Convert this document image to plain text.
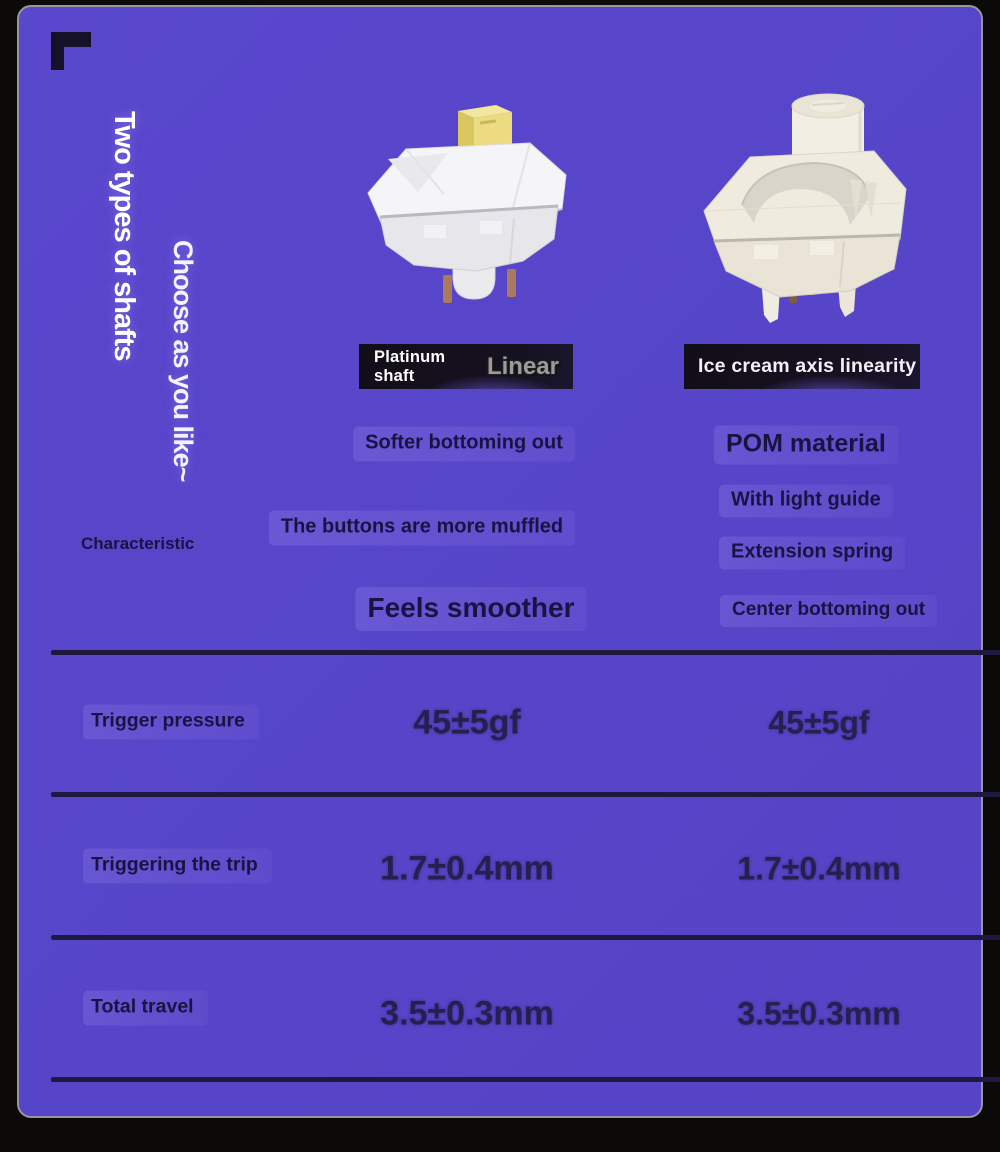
Two types of shafts
Choose as you like~	Platinum shaft	Linear	Ice cream axis linearity
Characteristic
Softer bottoming out
The buttons are more muffled
Feels smoother
POM material
With light guide
Extension spring
Center bottoming out
Trigger pressure	45±5gf	45±5gf
Triggering the trip	1.7±0.4mm	1.7±0.4mm
Total travel	3.5±0.3mm	3.5±0.3mm
